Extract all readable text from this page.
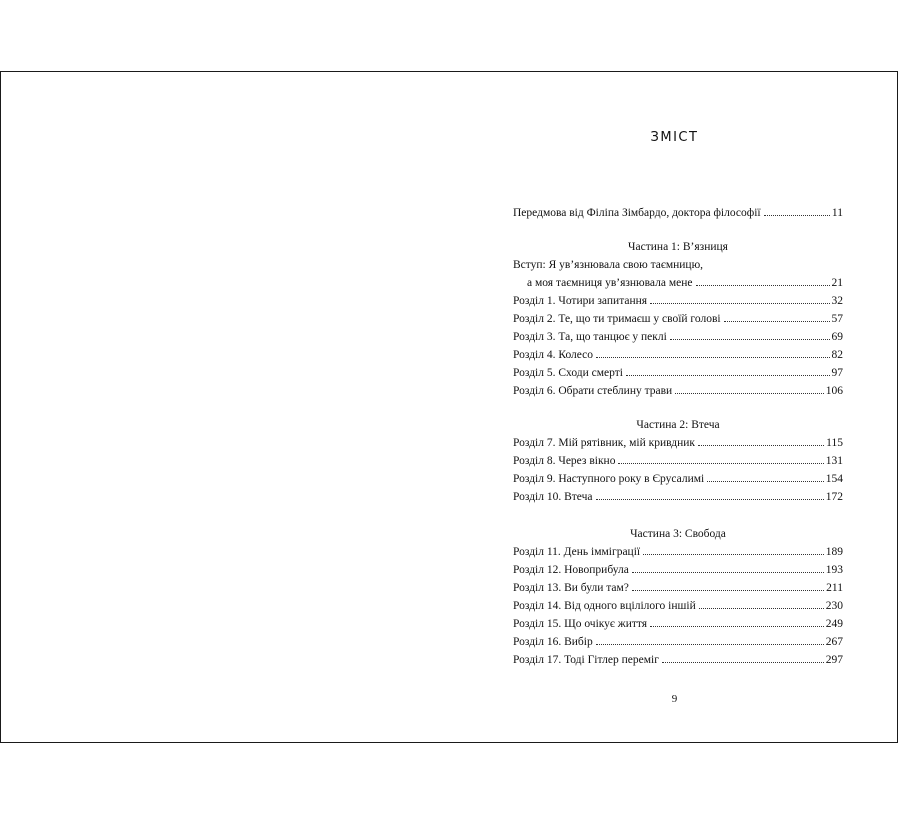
ЗМІСТ
Передмова від Філіпа Зімбардо, доктора філософії	11
Частина 1: В’язниця
Вступ: Я ув’язнювала свою таємницю,
а моя таємниця ув’язнювала мене	21
Розділ 1. Чотири запитання	32
Розділ 2. Те, що ти тримаєш у своїй голові	57
Розділ 3. Та, що танцює у пеклі	69
Розділ 4. Колесо	82
Розділ 5. Сходи смерті	97
Розділ 6. Обрати стеблину трави	106
Частина 2: Втеча
Розділ 7. Мій рятівник, мій кривдник	115
Розділ 8. Через вікно	131
Розділ 9. Наступного року в Єрусалимі	154
Розділ 10. Втеча	172
Частина 3: Свобода
Розділ 11. День імміграції	189
Розділ 12. Новоприбула	193
Розділ 13. Ви були там?	211
Розділ 14. Від одного вцілілого іншій	230
Розділ 15. Що очікує життя	249
Розділ 16. Вибір	267
Розділ 17. Тоді Гітлер переміг	297
9
